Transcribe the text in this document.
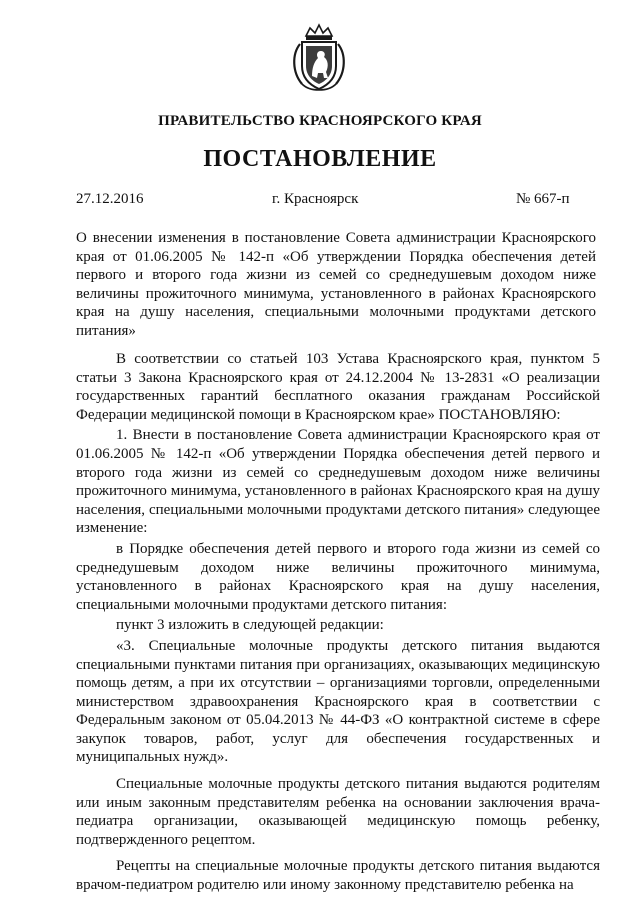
ПРАВИТЕЛЬСТВО КРАСНОЯРСКОГО КРАЯ
ПОСТАНОВЛЕНИЕ
27.12.2016	г. Красноярск	№ 667-п
О внесении изменения в постановление Совета администрации Красноярского края от 01.06.2005 № 142-п «Об утверждении Порядка обеспечения детей первого и второго года жизни из семей со среднедушевым доходом ниже величины прожиточного минимума, установленного в районах Красноярского края на душу населения, специальными молочными продуктами детского питания»

В соответствии со статьей 103 Устава Красноярского края, пунктом 5 статьи 3 Закона Красноярского края от 24.12.2004 № 13-2831 «О реализации государственных гарантий бесплатного оказания гражданам Российской Федерации медицинской помощи в Красноярском крае» ПОСТАНОВЛЯЮ:

1. Внести в постановление Совета администрации Красноярского края от 01.06.2005 № 142-п «Об утверждении Порядка обеспечения детей первого и второго года жизни из семей со среднедушевым доходом ниже величины прожиточного минимума, установленного в районах Красноярского края на душу населения, специальными молочными продуктами детского питания» следующее изменение:

в Порядке обеспечения детей первого и второго года жизни из семей со среднедушевым доходом ниже величины прожиточного минимума, установленного в районах Красноярского края на душу населения, специальными молочными продуктами детского питания:

пункт 3 изложить в следующей редакции:

«3. Специальные молочные продукты детского питания выдаются специальными пунктами питания при организациях, оказывающих медицинскую помощь детям, а при их отсутствии – организациями торговли, определенными министерством здравоохранения Красноярского края в соответствии с Федеральным законом от 05.04.2013 № 44-ФЗ «О контрактной системе в сфере закупок товаров, работ, услуг для обеспечения государственных и муниципальных нужд».

Специальные молочные продукты детского питания выдаются родителям или иным законным представителям ребенка на основании заключения врача-педиатра организации, оказывающей медицинскую помощь ребенку, подтвержденного рецептом.

Рецепты на специальные молочные продукты детского питания выдаются врачом-педиатром родителю или иному законному представителю ребенка на
